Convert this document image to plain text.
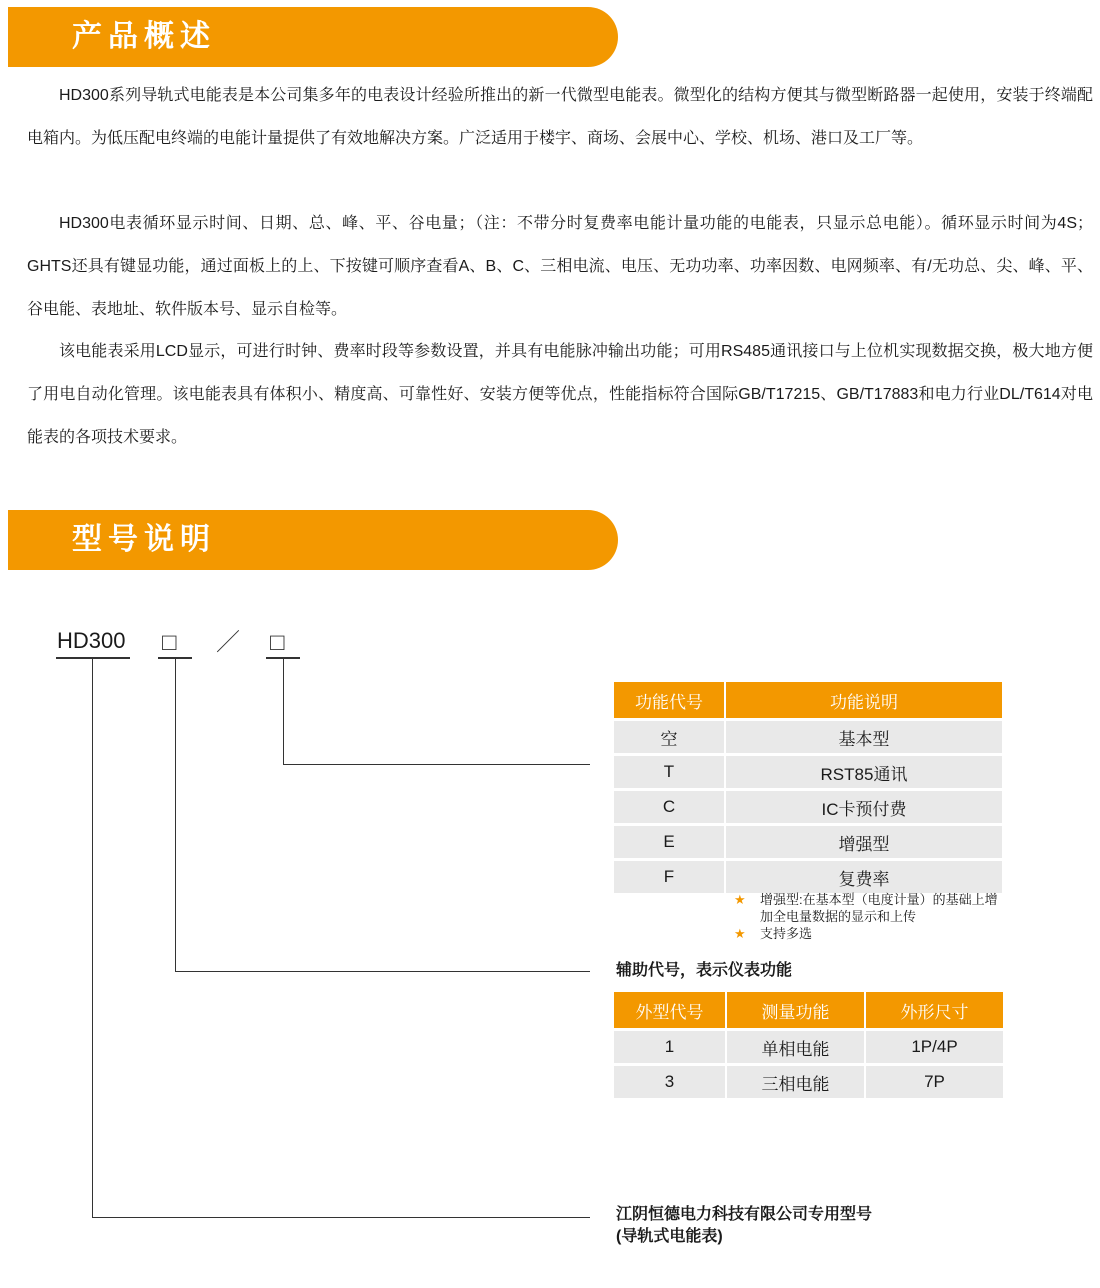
产品概述

HD300系列导轨式电能表是本公司集多年的电表设计经验所推出的新一代微型电能表。微型化的结构方便其与微型断路器一起使用，安装于终端配电箱内。为低压配电终端的电能计量提供了有效地解决方案。广泛适用于楼宇、商场、会展中心、学校、机场、港口及工厂等。

HD300电表循环显示时间、日期、总、峰、平、谷电量；（注：不带分时复费率电能计量功能的电能表，只显示总电能）。循环显示时间为4S；GHTS还具有键显功能，通过面板上的上、下按键可顺序查看A、B、C、三相电流、电压、无功功率、功率因数、电网频率、有/无功总、尖、峰、平、谷电能、表地址、软件版本号、显示自检等。

该电能表采用LCD显示，可进行时钟、费率时段等参数设置，并具有电能脉冲输出功能；可用RS485通讯接口与上位机实现数据交换，极大地方便了用电自动化管理。该电能表具有体积小、精度高、可靠性好、安装方便等优点，性能指标符合国际GB/T17215、GB/T17883和电力行业DL/T614对电能表的各项技术要求。

型号说明
HD300 □ ／ □
功能代号	功能说明
空	基本型
T	RST85通讯
C	IC卡预付费
E	增强型
F	复费率
★	增强型:在基本型（电度计量）的基础上增加全电量数据的显示和上传
★	支持多选
辅助代号，表示仪表功能
外型代号	测量功能	外形尺寸
1	单相电能	1P/4P
3	三相电能	7P
江阴恒德电力科技有限公司专用型号
(导轨式电能表)
